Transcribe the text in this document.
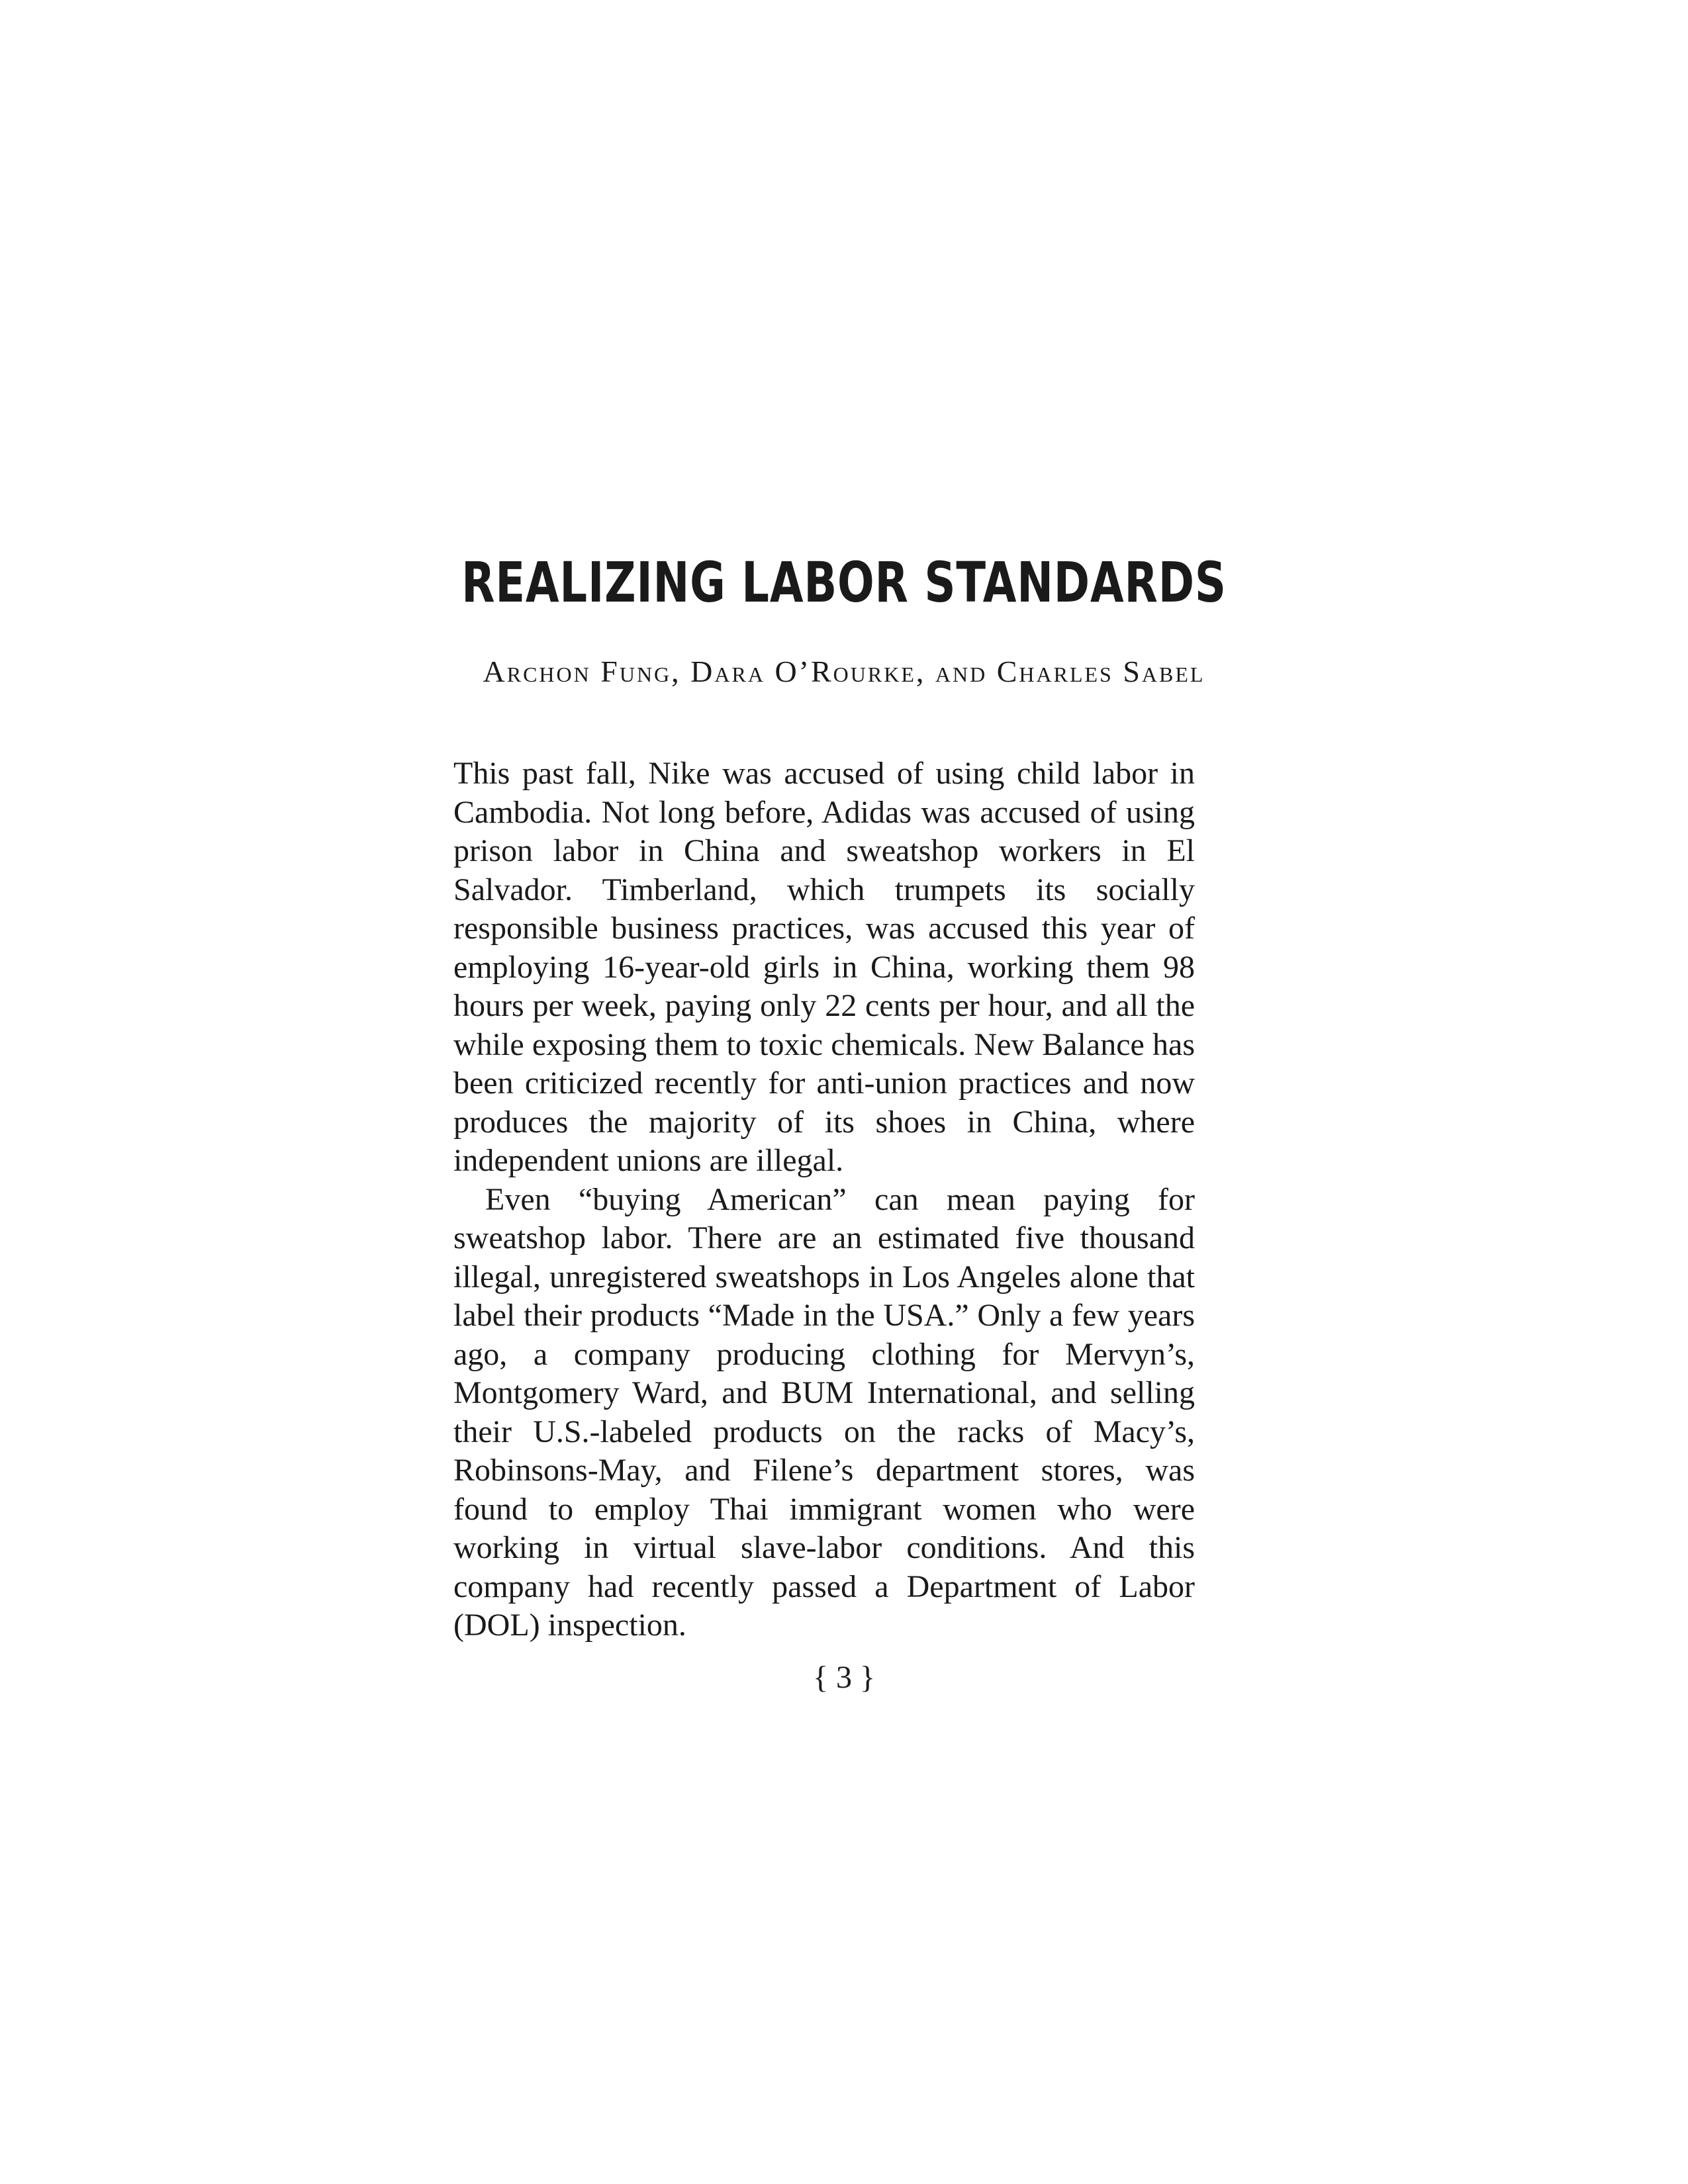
REALIZING LABOR STANDARDS
Archon Fung, Dara O’Rourke, and Charles Sabel

This past fall, Nike was accused of using child labor in Cambodia. Not long before, Adidas was accused of using prison labor in China and sweatshop workers in El Salvador. Timberland, which trumpets its socially responsible business practices, was accused this year of employing 16-year-old girls in China, working them 98 hours per week, paying only 22 cents per hour, and all the while exposing them to toxic chemicals. New Balance has been criticized recently for anti-union practices and now produces the majority of its shoes in China, where independent unions are illegal.

Even “buying American” can mean paying for sweatshop labor. There are an estimated five thousand illegal, unregistered sweatshops in Los Angeles alone that label their products “Made in the USA.” Only a few years ago, a company producing clothing for Mervyn’s, Montgomery Ward, and BUM International, and selling their U.S.-labeled products on the racks of Macy’s, Robinsons-May, and Filene’s department stores, was found to employ Thai immigrant women who were working in virtual slave-labor conditions. And this company had recently passed a Department of Labor (DOL) inspection.

{ 3 }
